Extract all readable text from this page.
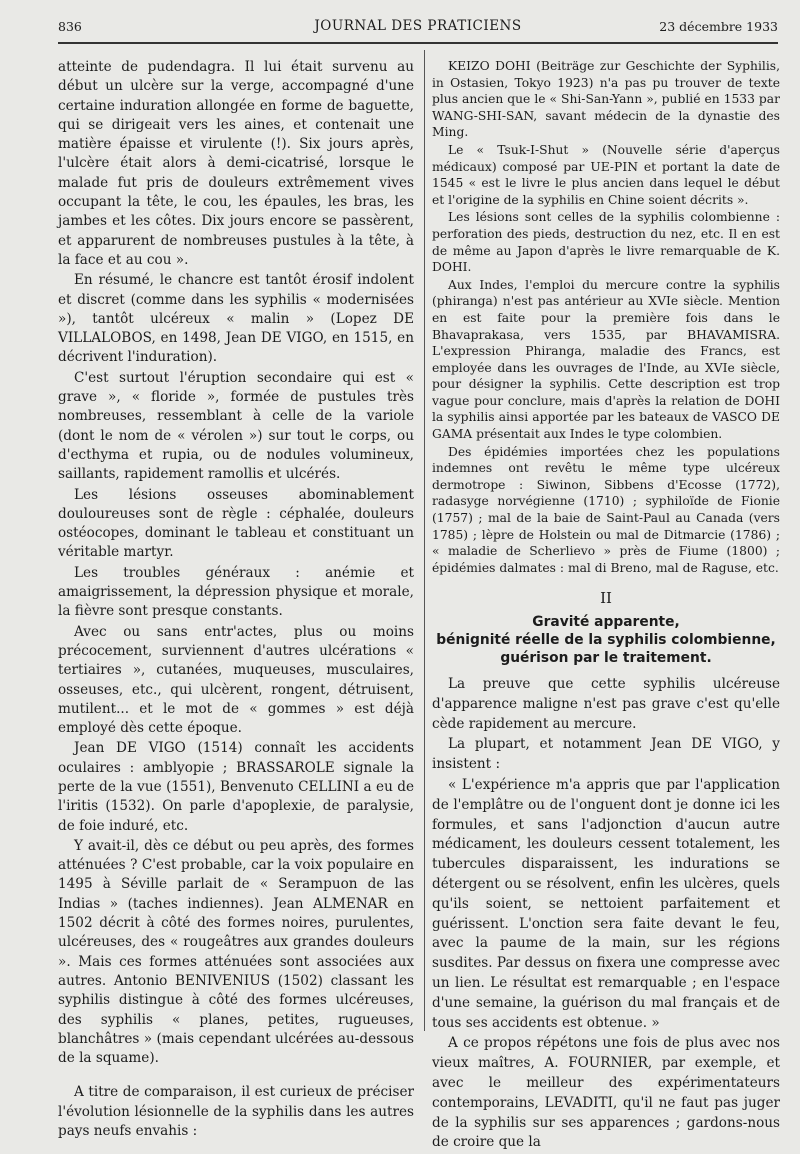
836	JOURNAL DES PRATICIENS	23 décembre 1933

atteinte de pudendagra. Il lui était survenu au début un ulcère sur la verge, accompagné d'une certaine induration allongée en forme de baguette, qui se dirigeait vers les aines, et contenait une matière épaisse et virulente (!). Six jours après, l'ulcère était alors à demi-cicatrisé, lorsque le malade fut pris de douleurs extrêmement vives occupant la tête, le cou, les épaules, les bras, les jambes et les côtes. Dix jours encore se passèrent, et apparurent de nombreuses pustules à la tête, à la face et au cou ».

En résumé, le chancre est tantôt érosif indolent et discret (comme dans les syphilis « modernisées »), tantôt ulcéreux « malin » (Lopez DE VILLALOBOS, en 1498, Jean DE VIGO, en 1515, en décrivent l'induration).

C'est surtout l'éruption secondaire qui est « grave », « floride », formée de pustules très nombreuses, ressemblant à celle de la variole (dont le nom de « vérolen ») sur tout le corps, ou d'ecthyma et rupia, ou de nodules volumineux, saillants, rapidement ramollis et ulcérés.

Les lésions osseuses abominablement douloureuses sont de règle : céphalée, douleurs ostéocopes, dominant le tableau et constituant un véritable martyr.

Les troubles généraux : anémie et amaigrissement, la dépression physique et morale, la fièvre sont presque constants.

Avec ou sans entr'actes, plus ou moins précocement, surviennent d'autres ulcérations « tertiaires », cutanées, muqueuses, musculaires, osseuses, etc., qui ulcèrent, rongent, détruisent, mutilent... et le mot de « gommes » est déjà employé dès cette époque.

Jean DE VIGO (1514) connaît les accidents oculaires : amblyopie ; BRASSAROLE signale la perte de la vue (1551), Benvenuto CELLINI a eu de l'iritis (1532). On parle d'apoplexie, de paralysie, de foie induré, etc.

Y avait-il, dès ce début ou peu après, des formes atténuées ? C'est probable, car la voix populaire en 1495 à Séville parlait de « Serampuon de las Indias » (taches indiennes). Jean ALMENAR en 1502 décrit à côté des formes noires, purulentes, ulcéreuses, des « rougeâtres aux grandes douleurs ». Mais ces formes atténuées sont associées aux autres. Antonio BENIVENIUS (1502) classant les syphilis distingue à côté des formes ulcéreuses, des syphilis « planes, petites, rugueuses, blanchâtres » (mais cependant ulcérées au-dessous de la squame).

A titre de comparaison, il est curieux de préciser l'évolution lésionnelle de la syphilis dans les autres pays neufs envahis :

KEIZO DOHI (Beiträge zur Geschichte der Syphilis, in Ostasien, Tokyo 1923) n'a pas pu trouver de texte plus ancien que le « Shi-San-Yann », publié en 1533 par WANG-SHI-SAN, savant médecin de la dynastie des Ming.

Le « Tsuk-I-Shut » (Nouvelle série d'aperçus médicaux) composé par UE-PIN et portant la date de 1545 « est le livre le plus ancien dans lequel le début et l'origine de la syphilis en Chine soient décrits ».

Les lésions sont celles de la syphilis colombienne : perforation des pieds, destruction du nez, etc. Il en est de même au Japon d'après le livre remarquable de K. DOHI.

Aux Indes, l'emploi du mercure contre la syphilis (phiranga) n'est pas antérieur au XVIe siècle. Mention en est faite pour la première fois dans le Bhavaprakasa, vers 1535, par BHAVAMISRA. L'expression Phiranga, maladie des Francs, est employée dans les ouvrages de l'Inde, au XVIe siècle, pour désigner la syphilis. Cette description est trop vague pour conclure, mais d'après la relation de DOHI la syphilis ainsi apportée par les bateaux de VASCO DE GAMA présentait aux Indes le type colombien.

Des épidémies importées chez les populations indemnes ont revêtu le même type ulcéreux dermotrope : Siwinon, Sibbens d'Ecosse (1772), radasyge norvégienne (1710) ; syphiloïde de Fionie (1757) ; mal de la baie de Saint-Paul au Canada (vers 1785) ; lèpre de Holstein ou mal de Ditmarcie (1786) ; « maladie de Scherlievo » près de Fiume (1800) ; épidémies dalmates : mal di Breno, mal de Raguse, etc.

II
Gravité apparente,
bénignité réelle de la syphilis colombienne,
guérison par le traitement.

La preuve que cette syphilis ulcéreuse d'apparence maligne n'est pas grave c'est qu'elle cède rapidement au mercure.

La plupart, et notamment Jean DE VIGO, y insistent :

« L'expérience m'a appris que par l'application de l'emplâtre ou de l'onguent dont je donne ici les formules, et sans l'adjonction d'aucun autre médicament, les douleurs cessent totalement, les tubercules disparaissent, les indurations se détergent ou se résolvent, enfin les ulcères, quels qu'ils soient, se nettoient parfaitement et guérissent. L'onction sera faite devant le feu, avec la paume de la main, sur les régions susdites. Par dessus on fixera une compresse avec un lien. Le résultat est remarquable ; en l'espace d'une semaine, la guérison du mal français et de tous ses accidents est obtenue. »

A ce propos répétons une fois de plus avec nos vieux maîtres, A. FOURNIER, par exemple, et avec le meilleur des expérimentateurs contemporains, LEVADITI, qu'il ne faut pas juger de la syphilis sur ses apparences ; gardons-nous de croire que la
